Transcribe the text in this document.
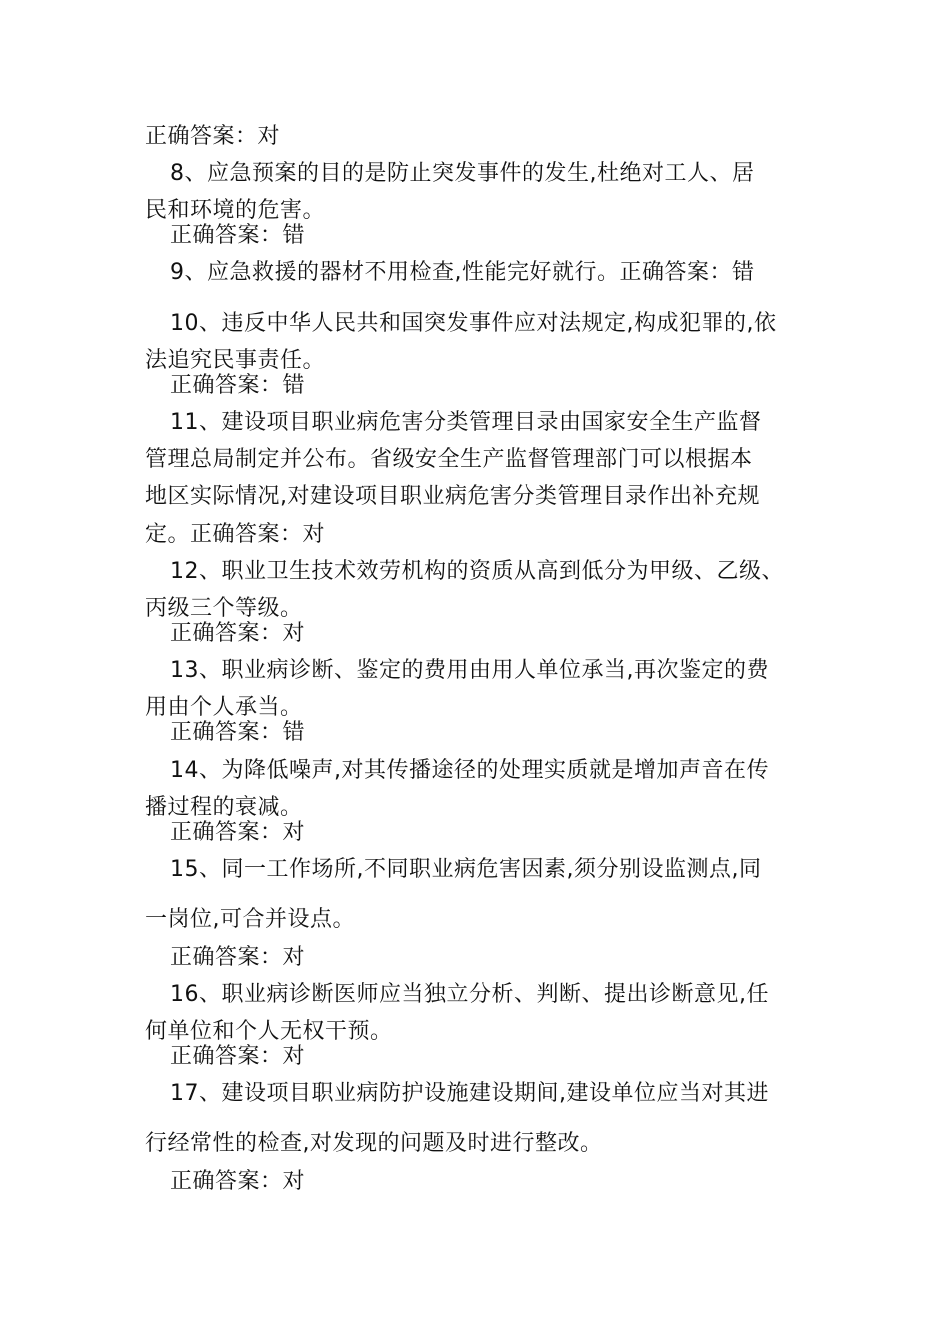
正确答案：对
8、应急预案的目的是防止突发事件的发生,杜绝对工人、居
民和环境的危害。
正确答案：错
9、应急救援的器材不用检查,性能完好就行。正确答案：错
10、违反中华人民共和国突发事件应对法规定,构成犯罪的,依
法追究民事责任。
正确答案：错
11、建设项目职业病危害分类管理目录由国家安全生产监督
管理总局制定并公布。省级安全生产监督管理部门可以根据本
地区实际情况,对建设项目职业病危害分类管理目录作出补充规
定。正确答案：对
12、职业卫生技术效劳机构的资质从高到低分为甲级、乙级、
丙级三个等级。
正确答案：对
13、职业病诊断、鉴定的费用由用人单位承当,再次鉴定的费
用由个人承当。
正确答案：错
14、为降低噪声,对其传播途径的处理实质就是增加声音在传
播过程的衰减。
正确答案：对
15、同一工作场所,不同职业病危害因素,须分别设监测点,同
一岗位,可合并设点。
正确答案：对
16、职业病诊断医师应当独立分析、判断、提出诊断意见,任
何单位和个人无权干预。
正确答案：对
17、建设项目职业病防护设施建设期间,建设单位应当对其进
行经常性的检查,对发现的问题及时进行整改。
正确答案：对
